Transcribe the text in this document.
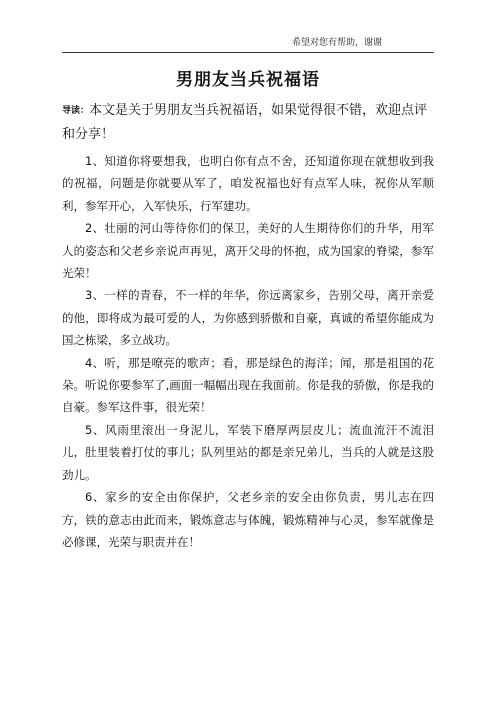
希望对您有帮助，谢谢
男朋友当兵祝福语
导读：本文是关于男朋友当兵祝福语，如果觉得很不错，欢迎点评和分享！

1、知道你将要想我，也明白你有点不舍，还知道你现在就想收到我的祝福，问题是你就要从军了，咱发祝福也好有点军人味，祝你从军顺利，参军开心，入军快乐，行军建功。

2、壮丽的河山等待你们的保卫，美好的人生期待你们的升华，用军人的姿态和父老乡亲说声再见，离开父母的怀抱，成为国家的脊梁，参军光荣！

3、一样的青春，不一样的年华，你远离家乡，告别父母，离开亲爱的他，即将成为最可爱的人，为你感到骄傲和自豪，真诚的希望你能成为国之栋梁，多立战功。

4、听，那是嘹亮的歌声；看，那是绿色的海洋；闻，那是祖国的花朵。听说你要参军了,画面一幅幅出现在我面前。你是我的骄傲，你是我的自豪。参军这件事，很光荣！

5、风雨里滚出一身泥儿，军装下磨厚两层皮儿；流血流汗不流泪儿，肚里装着打仗的事儿；队列里站的都是亲兄弟儿，当兵的人就是这股劲儿。

6、家乡的安全由你保护，父老乡亲的安全由你负责，男儿志在四方，铁的意志由此而来，锻炼意志与体魄，锻炼精神与心灵，参军就像是必修课，光荣与职责并在！
